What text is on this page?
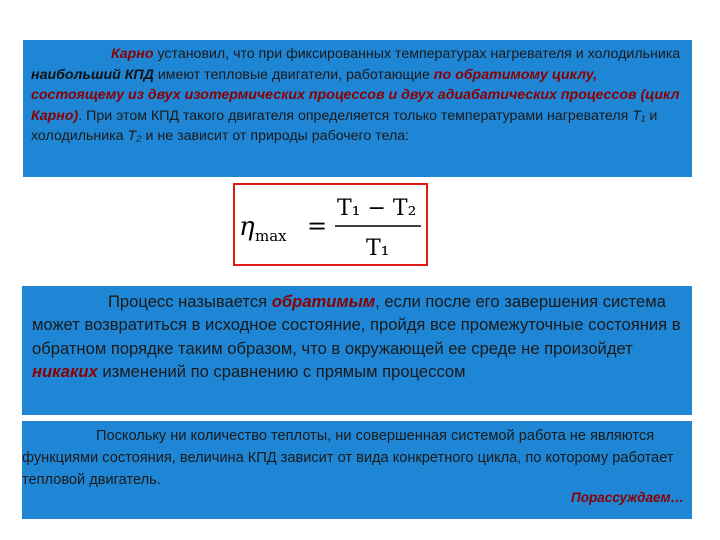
Карно установил, что при фиксированных температурах нагревателя и холодильника наибольший КПД имеют тепловые двигатели, работающие по обратимому циклу, состоящему из двух изотермических процессов и двух адиабатических процессов (цикл Карно). При этом КПД такого двигателя определяется только температурами нагревателя T₁ и холодильника T₂ и не зависит от природы рабочего тела:
η max =
T₁ − T₂
T₁
Процесс называется обратимым, если после его завершения система может возвратиться в исходное состояние, пройдя все промежуточные состояния в обратном порядке таким образом, что в окружающей ее среде не произойдет никаких изменений по сравнению с прямым процессом
Поскольку ни количество теплоты, ни совершенная системой работа не являются функциями состояния, величина КПД зависит от вида конкретного цикла, по которому работает тепловой двигатель.
Порассуждаем…
